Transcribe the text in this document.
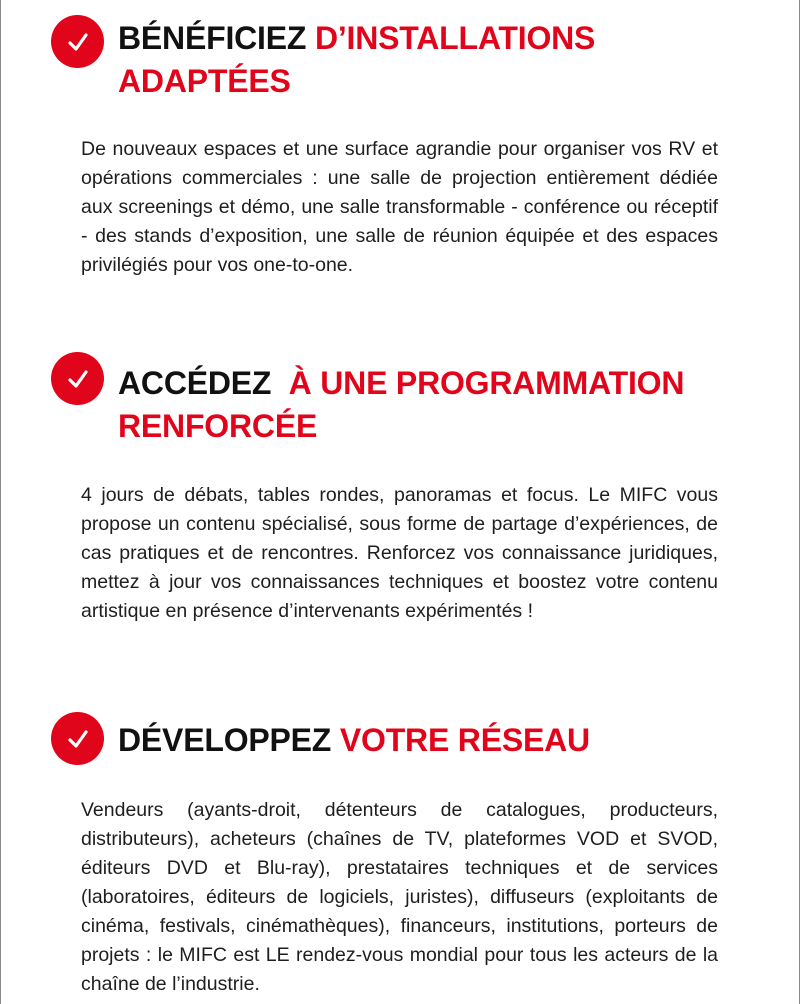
BÉNÉFICIEZ D’INSTALLATIONS
ADAPTÉES

De nouveaux espaces et une surface agrandie pour organiser vos RV et opérations commerciales : une salle de projection entièrement dédiée aux screenings et démo, une salle transformable - conférence ou réceptif - des stands d’exposition, une salle de réunion équipée et des espaces privilégiés pour vos one-to-one.

ACCÉDEZ À UNE PROGRAMMATION
RENFORCÉE

4 jours de débats, tables rondes, panoramas et focus. Le MIFC vous propose un contenu spécialisé, sous forme de partage d’expériences, de cas pratiques et de rencontres. Renforcez vos connaissance juridiques, mettez à jour vos connaissances techniques et boostez votre contenu artistique en présence d’intervenants expérimentés !

DÉVELOPPEZ VOTRE RÉSEAU

Vendeurs (ayants-droit, détenteurs de catalogues, producteurs, distributeurs), acheteurs (chaînes de TV, plateformes VOD et SVOD, éditeurs DVD et Blu-ray), prestataires techniques et de services (laboratoires, éditeurs de logiciels, juristes), diffuseurs (exploitants de cinéma, festivals, cinémathèques), financeurs, institutions, porteurs de projets : le MIFC est LE rendez-vous mondial pour tous les acteurs de la chaîne de l’industrie.
